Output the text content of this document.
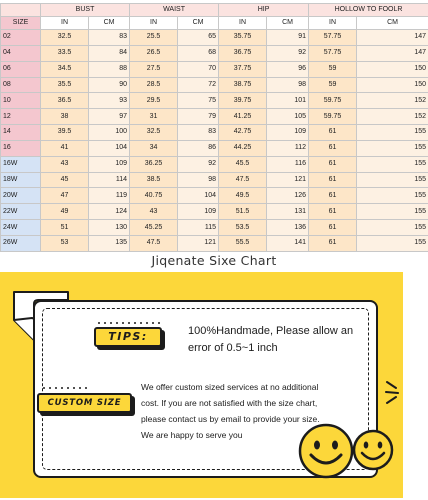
	BUST		WAIST		HIP		HOLLOW TO FOOLR	
SIZE	IN	CM	IN	CM	IN	CM	IN	CM
02	32.5	83	25.5	65	35.75	91	57.75	147
04	33.5	84	26.5	68	36.75	92	57.75	147
06	34.5	88	27.5	70	37.75	96	59	150
08	35.5	90	28.5	72	38.75	98	59	150
10	36.5	93	29.5	75	39.75	101	59.75	152
12	38	97	31	79	41.25	105	59.75	152
14	39.5	100	32.5	83	42.75	109	61	155
16	41	104	34	86	44.25	112	61	155
16W	43	109	36.25	92	45.5	116	61	155
18W	45	114	38.5	98	47.5	121	61	155
20W	47	119	40.75	104	49.5	126	61	155
22W	49	124	43	109	51.5	131	61	155
24W	51	130	45.25	115	53.5	136	61	155
26W	53	135	47.5	121	55.5	141	61	155
Jiqenate Sixe Chart
TIPS:	100%Handmade, Please allow an error of 0.5~1 inch
CUSTOM SIZE
We offer custom sized services at no additional
cost. If you are not satisfied with the size chart,
please contact us by email to provide your size.
We are happy to serve you
